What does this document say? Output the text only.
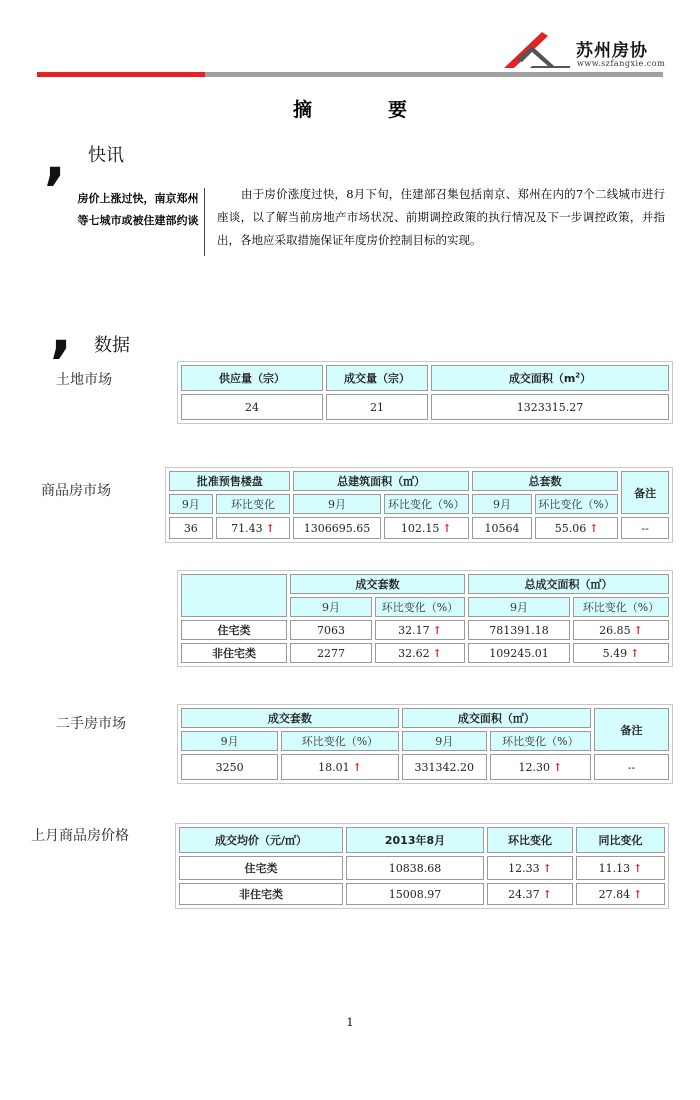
苏州房协
www.szfangxie.com
摘	要
, 快讯
房价上涨过快，南京郑州等七城市或被住建部约谈
由于房价涨度过快，8月下旬，住建部召集包括南京、郑州在内的7个二线城市进行座谈，以了解当前房地产市场状况、前期调控政策的执行情况及下一步调控政策，并指出，各地应采取措施保证年度房价控制目标的实现。
, 数据
土地市场	供应量（宗）	成交量（宗）	成交面积$(m^2)$
24	21	1323315.27
商品房市场
批准预售楼盘		总建筑面积（㎡）		总套数		备注
9月	环比变化	9月	环比变化（%）	9月	环比变化（%）	
36	71.43 ↑	1306695.65	102.15 ↑	10564	55.06 ↑	--
	成交套数		总成交面积（㎡）	
	9月	环比变化（%）	9月	环比变化（%）
住宅类	7063	32.17 ↑	781391.18	26.85 ↑
非住宅类	2277	32.62 ↑	109245.01	5.49 ↑
二手房市场	成交套数		成交面积（㎡）		备注
9月	环比变化（%）	9月	环比变化（%）	
3250	18.01 ↑	331342.20	12.30 ↑	--
上月商品房价格	成交均价（元/㎡）	2013年8月	环比变化	同比变化
住宅类	10838.68	12.33 ↑	11.13 ↑
非住宅类	15008.97	24.37 ↑	27.84 ↑
1
